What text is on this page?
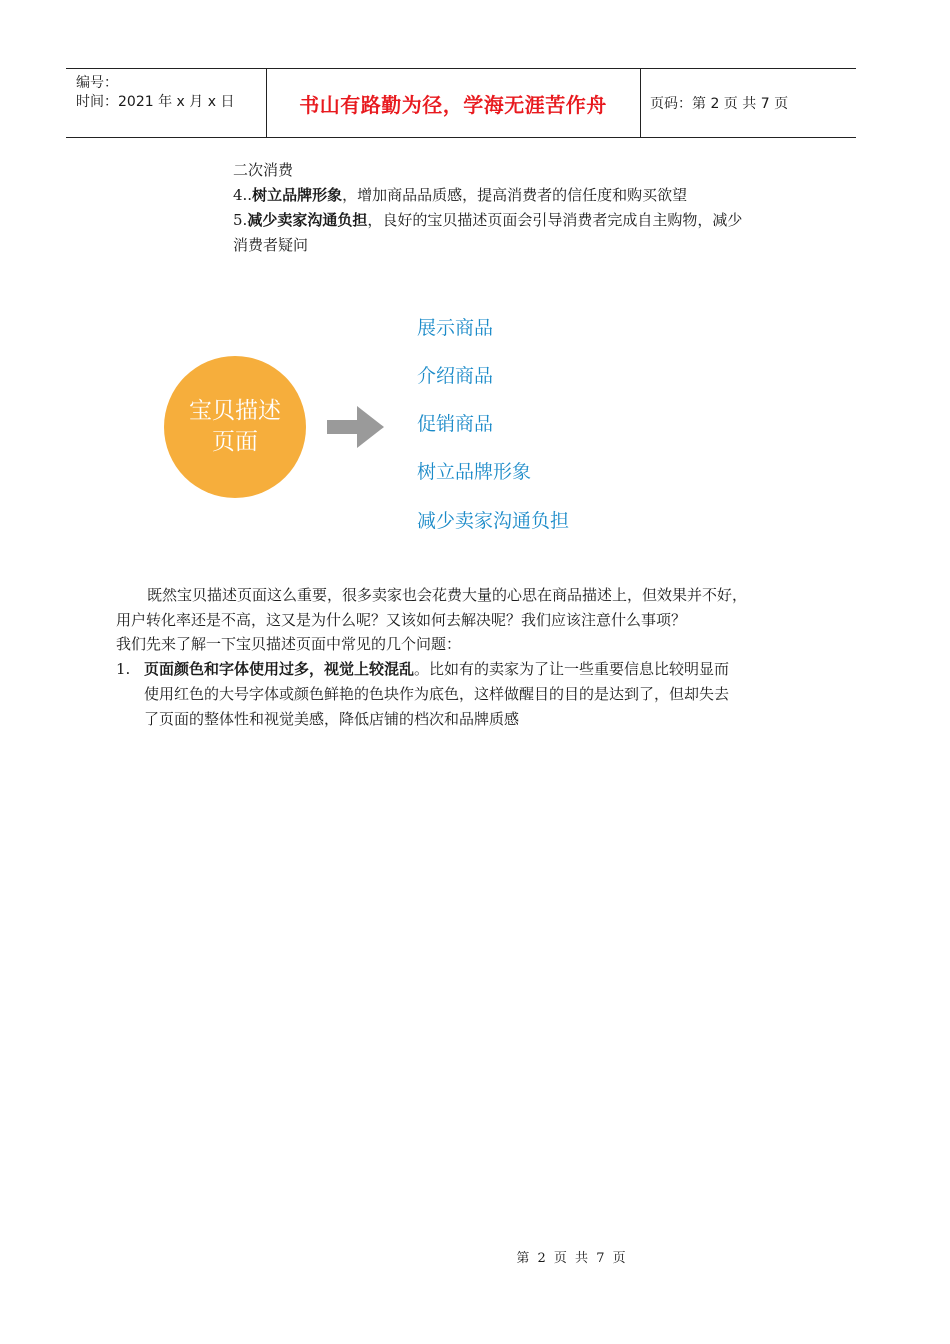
编号：
时间：2021 年 x 月 x 日	书山有路勤为径，学海无涯苦作舟	页码：第 2 页 共 7 页
二次消费
4..树立品牌形象，增加商品品质感，提高消费者的信任度和购买欲望
5.减少卖家沟通负担，良好的宝贝描述页面会引导消费者完成自主购物，减少
消费者疑问
宝贝描述
页面
展示商品
介绍商品
促销商品
树立品牌形象
减少卖家沟通负担
既然宝贝描述页面这么重要，很多卖家也会花费大量的心思在商品描述上，但效果并不好，
用户转化率还是不高，这又是为什么呢？又该如何去解决呢？我们应该注意什么事项？
我们先来了解一下宝贝描述页面中常见的几个问题：
1. 页面颜色和字体使用过多，视觉上较混乱。比如有的卖家为了让一些重要信息比较明显而
使用红色的大号字体或颜色鲜艳的色块作为底色，这样做醒目的目的是达到了，但却失去
了页面的整体性和视觉美感，降低店铺的档次和品牌质感
第 2 页 共 7 页
